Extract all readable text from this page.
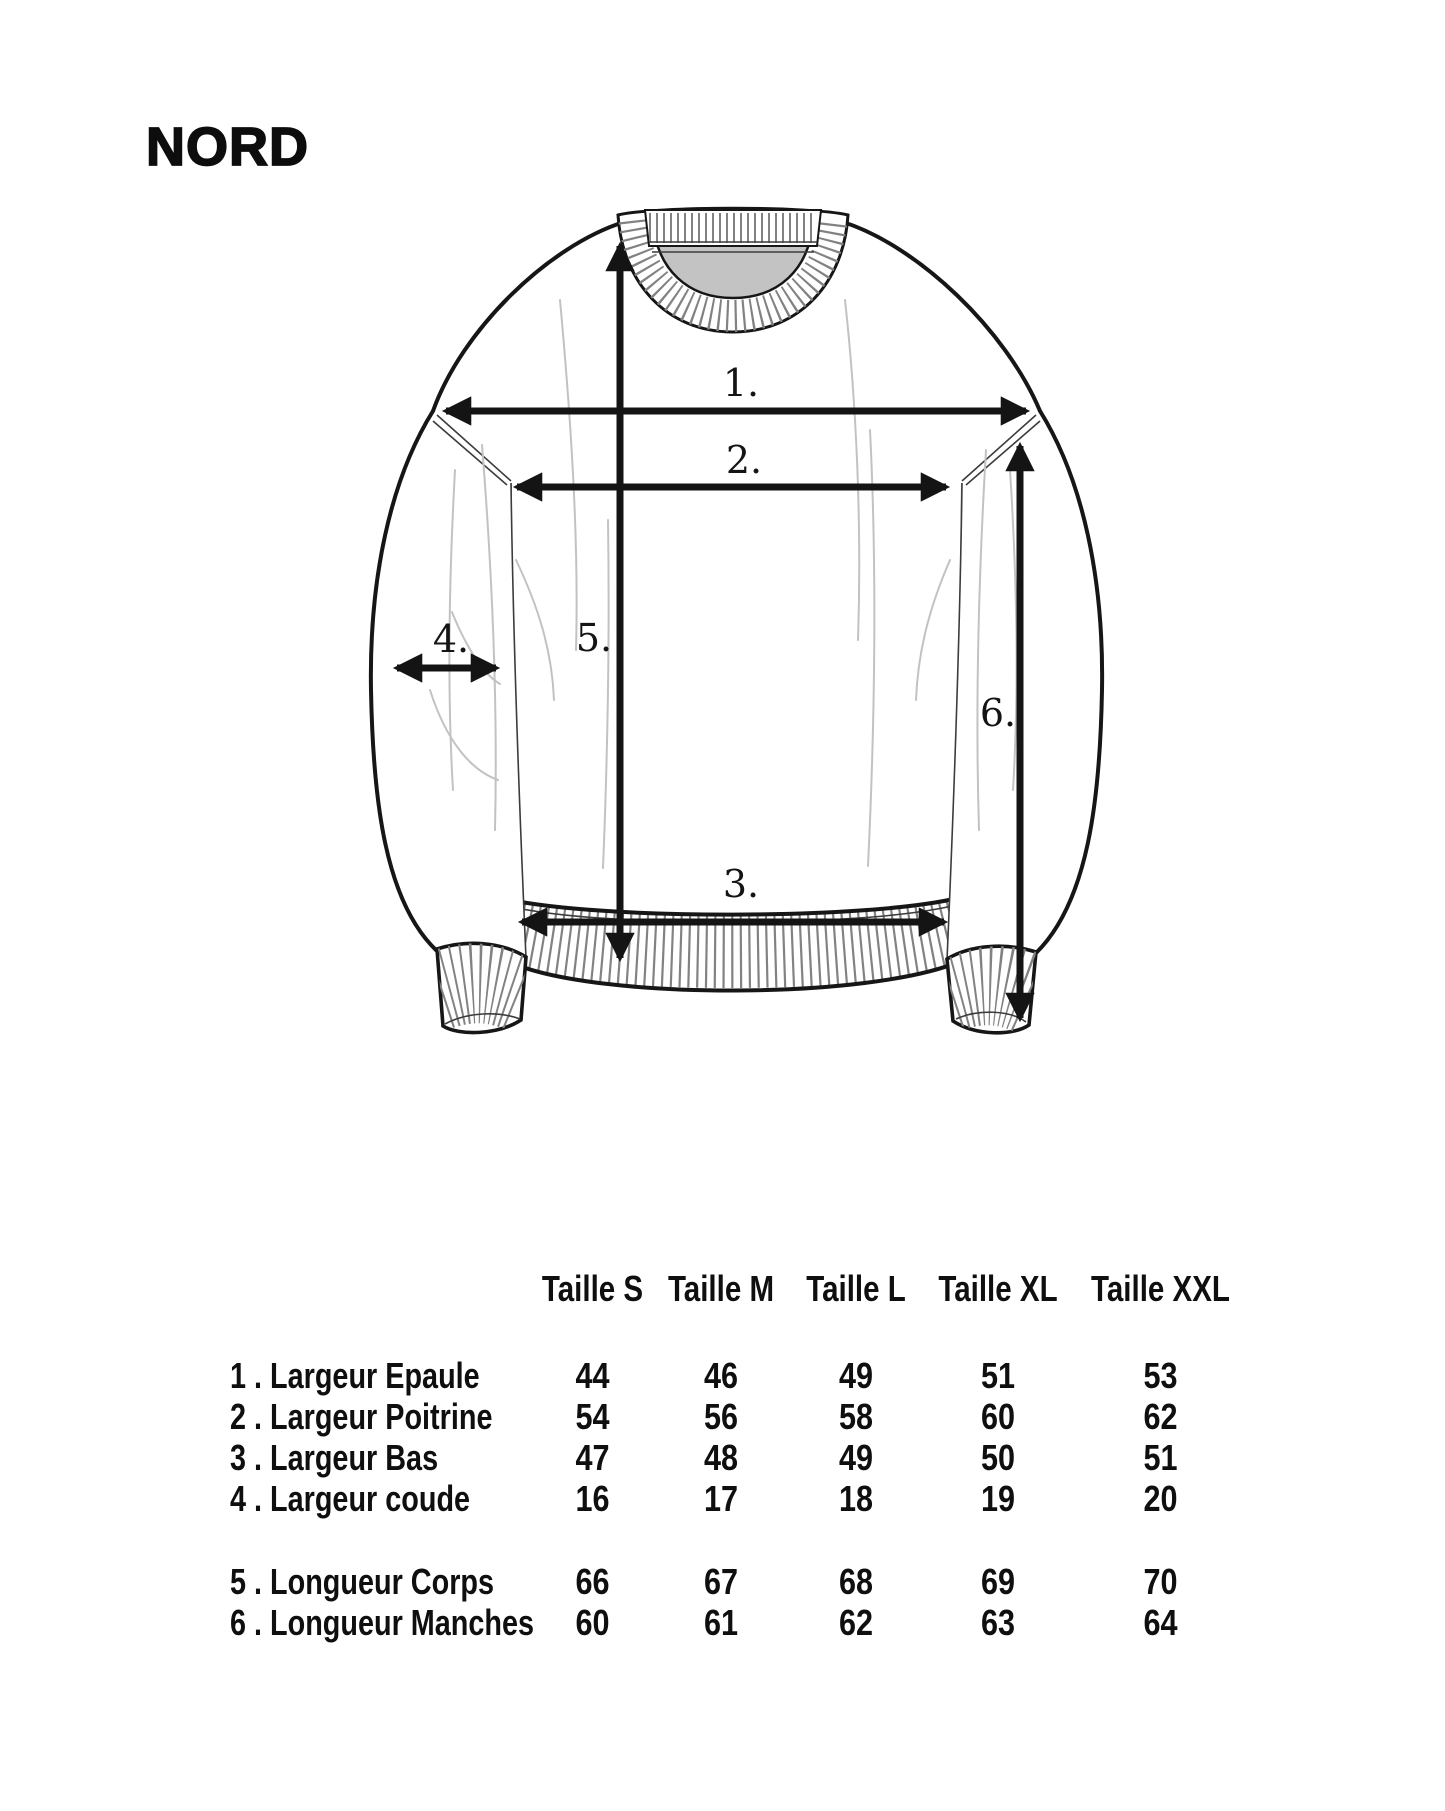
NORD
1.
2.
3.
4.	5.
6.
Taille S Taille M Taille L Taille XL Taille XXL
1 . Largeur Epaule	44	46	49	51	53
2 . Largeur Poitrine	54	56	58	60	62
3 . Largeur Bas	47	48	49	50	51
4 . Largeur coude	16	17	18	19	20
5 . Longueur Corps	66	67	68	69	70
6 . Longueur Manches	60	61	62	63	64
